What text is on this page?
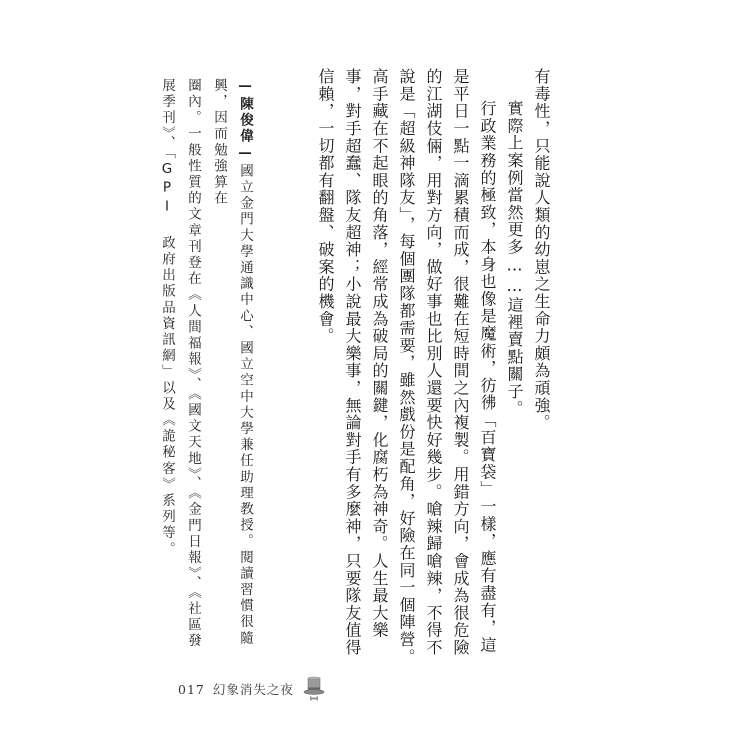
有毒性，只能說人類的幼崽之生命力頗為頑強。

實際上案例當然更多……這裡賣點關子。

行政業務的極致，本身也像是魔術，彷彿「百寶袋」一樣，應有盡有，這是平日一點一滴累積而成，很難在短時間之內複製。用錯方向，會成為很危險的江湖伎倆，用對方向，做好事也比別人還要快好幾步。嗆辣歸嗆辣，不得不說是「超級神隊友」，每個團隊都需要，雖然戲份是配角，好險在同一個陣營。高手藏在不起眼的角落，經常成為破局的關鍵，化腐朽為神奇。人生最大樂事，對手超蠢、隊友超神；小說最大樂事，無論對手有多麼神，只要隊友值得信賴，一切都有翻盤、破案的機會。

—陳俊偉—國立金門大學通識中心、國立空中大學兼任助理教授。閱讀習慣很隨興，因而勉強算在

圈內。一般性質的文章刊登在《人間福報》、《國文天地》、《金門日報》、《社區發

展季刊》、「GPI 政府出版品資訊網」以及《詭秘客》系列等。

017 幻象消失之夜
